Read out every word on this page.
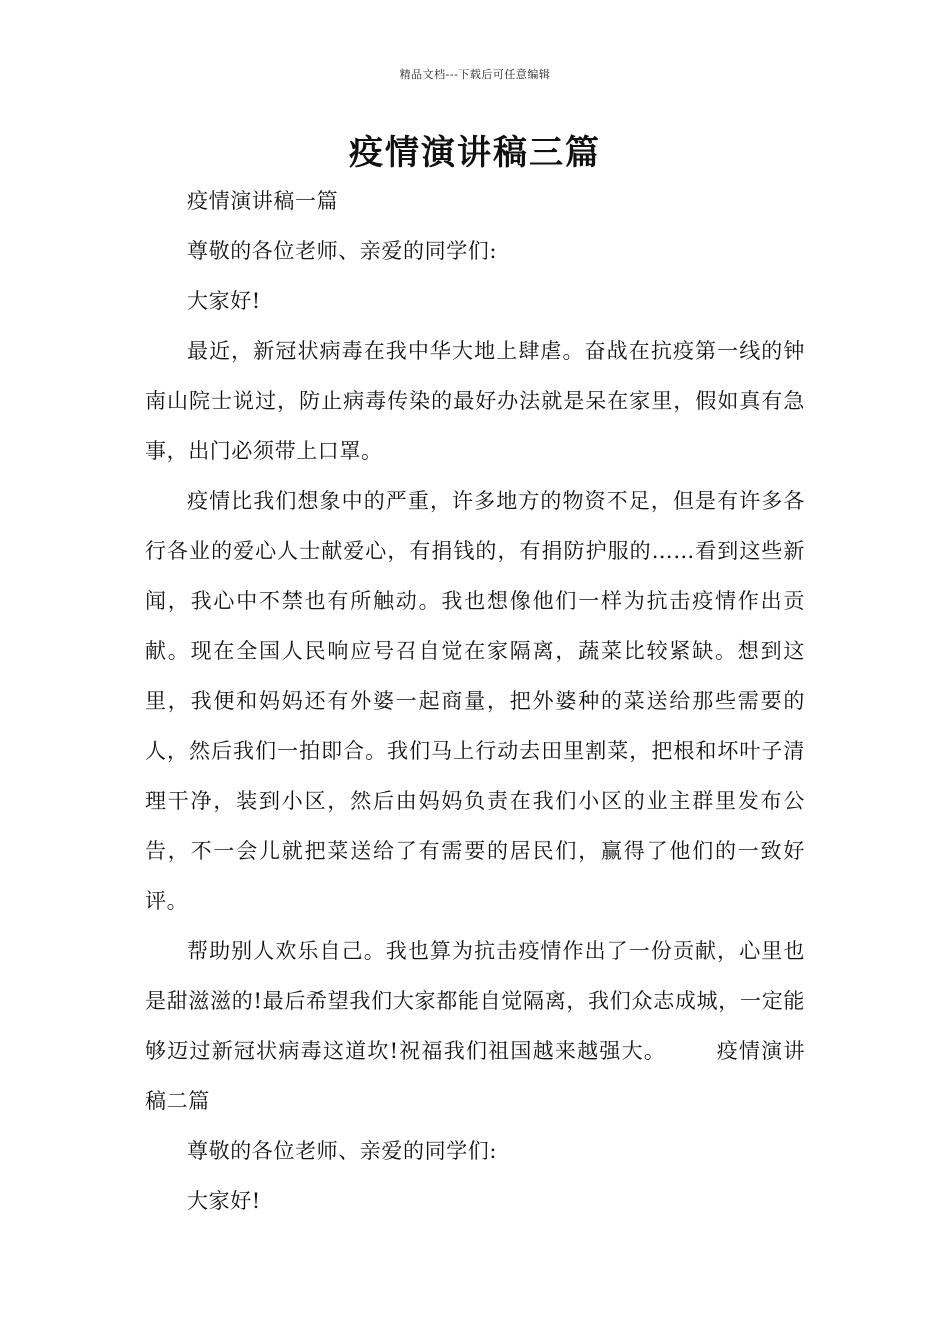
精品文档---下载后可任意编辑
疫情演讲稿三篇

疫情演讲稿一篇

尊敬的各位老师、亲爱的同学们:

大家好!

最近，新冠状病毒在我中华大地上肆虐。奋战在抗疫第一线的钟南山院士说过，防止病毒传染的最好办法就是呆在家里，假如真有急事，出门必须带上口罩。

疫情比我们想象中的严重，许多地方的物资不足，但是有许多各行各业的爱心人士献爱心，有捐钱的，有捐防护服的……看到这些新闻，我心中不禁也有所触动。我也想像他们一样为抗击疫情作出贡献。现在全国人民响应号召自觉在家隔离，蔬菜比较紧缺。想到这里，我便和妈妈还有外婆一起商量，把外婆种的菜送给那些需要的人，然后我们一拍即合。我们马上行动去田里割菜，把根和坏叶子清理干净，装到小区，然后由妈妈负责在我们小区的业主群里发布公告，不一会儿就把菜送给了有需要的居民们，赢得了他们的一致好评。

帮助别人欢乐自己。我也算为抗击疫情作出了一份贡献，心里也是甜滋滋的!最后希望我们大家都能自觉隔离，我们众志成城，一定能够迈过新冠状病毒这道坎!祝福我们祖国越来越强大。 疫情演讲稿二篇

尊敬的各位老师、亲爱的同学们:

大家好!
